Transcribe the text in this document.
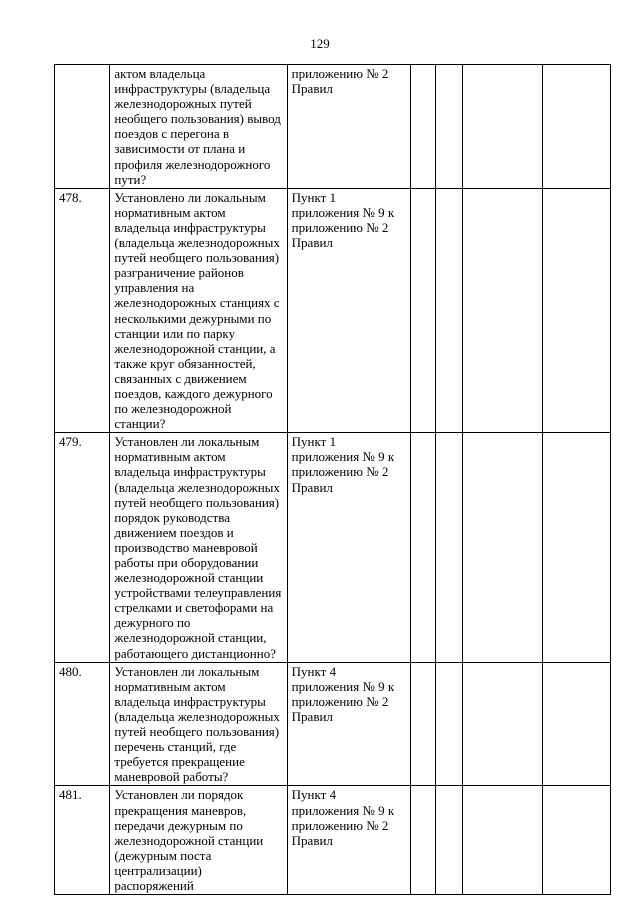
129
	актом владельца инфраструктуры (владельца железнодорожных путей необщего пользования) вывод поездов с перегона в зависимости от плана и профиля железнодорожного пути?	приложению № 2 Правил				
478.	Установлено ли локальным нормативным актом владельца инфраструктуры (владельца железнодорожных путей необщего пользования) разграничение районов управления на железнодорожных станциях с несколькими дежурными по станции или по парку железнодорожной станции, а также круг обязанностей, связанных с движением поездов, каждого дежурного по железнодорожной станции?	Пункт 1 приложения № 9 к приложению № 2 Правил				
479.	Установлен ли локальным нормативным актом владельца инфраструктуры (владельца железнодорожных путей необщего пользования) порядок руководства движением поездов и производство маневровой работы при оборудовании железнодорожной станции устройствами телеуправления стрелками и светофорами на дежурного по железнодорожной станции, работающего дистанционно?	Пункт 1 приложения № 9 к приложению № 2 Правил				
480.	Установлен ли локальным нормативным актом владельца инфраструктуры (владельца железнодорожных путей необщего пользования) перечень станций, где требуется прекращение маневровой работы?	Пункт 4 приложения № 9 к приложению № 2 Правил				
481.	Установлен ли порядок прекращения маневров, передачи дежурным по железнодорожной станции (дежурным поста централизации) распоряжений	Пункт 4 приложения № 9 к приложению № 2 Правил				
